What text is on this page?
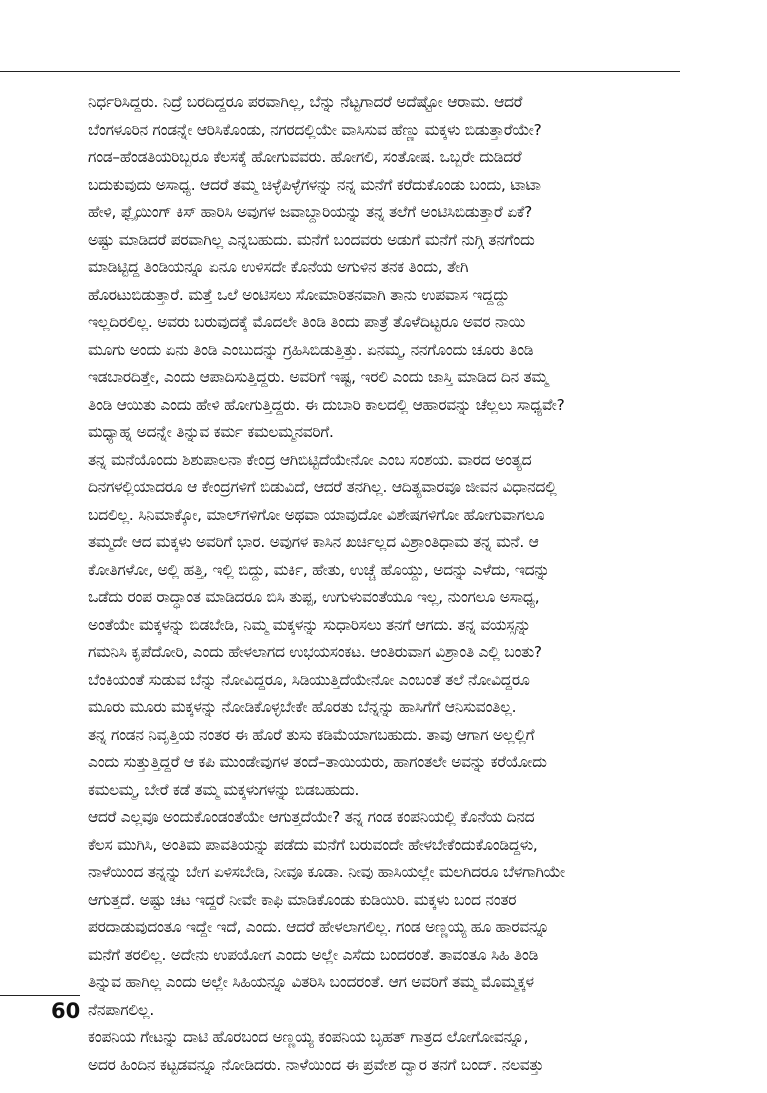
ನಿರ್ಧರಿಸಿದ್ದರು. ನಿದ್ರೆ ಬರದಿದ್ದರೂ ಪರವಾಗಿಲ್ಲ, ಬೆನ್ನು ನೆಟ್ಟಗಾದರೆ ಅದೆಷ್ಟೋ ಆರಾಮ. ಆದರೆ
ಬೆಂಗಳೂರಿನ ಗಂಡನ್ನೇ ಆರಿಸಿಕೊಂಡು, ನಗರದಲ್ಲಿಯೇ ವಾಸಿಸುವ ಹೆಣ್ಣು ಮಕ್ಕಳು ಬಿಡುತ್ತಾರೆಯೇ?
ಗಂಡ–ಹೆಂಡತಿಯರಿಬ್ಬರೂ ಕೆಲಸಕ್ಕೆ ಹೋಗುವವರು. ಹೋಗಲಿ, ಸಂತೋಷ. ಒಬ್ಬರೇ ದುಡಿದರೆ
ಬದುಕುವುದು ಅಸಾಧ್ಯ. ಆದರೆ ತಮ್ಮ ಚಿಳ್ಳೆಪಿಳ್ಳೆಗಳನ್ನು ನನ್ನ ಮನೆಗೆ ಕರೆದುಕೊಂಡು ಬಂದು, ಟಾಟಾ
ಹೇಳಿ, ಫ್ಲೈಯಿಂಗ್ ಕಿಸ್ ಹಾರಿಸಿ ಅವುಗಳ ಜವಾಬ್ದಾರಿಯನ್ನು ತನ್ನ ತಲೆಗೆ ಅಂಟಿಸಿಬಿಡುತ್ತಾರೆ ಏಕೆ?
ಅಷ್ಟು ಮಾಡಿದರೆ ಪರವಾಗಿಲ್ಲ ಎನ್ನಬಹುದು. ಮನೆಗೆ ಬಂದವರು ಅಡುಗೆ ಮನೆಗೆ ನುಗ್ಗಿ ತನಗೆಂದು
ಮಾಡಿಟ್ಟಿದ್ದ ತಿಂಡಿಯನ್ನೂ ಏನೂ ಉಳಿಸದೇ ಕೊನೆಯ ಅಗುಳಿನ ತನಕ ತಿಂದು, ತೇಗಿ
ಹೊರಟುಬಿಡುತ್ತಾರೆ. ಮತ್ತೆ ಒಲೆ ಅಂಟಿಸಲು ಸೋಮಾರಿತನವಾಗಿ ತಾನು ಉಪವಾಸ ಇದ್ದದ್ದು
ಇಲ್ಲದಿರಲಿಲ್ಲ. ಅವರು ಬರುವುದಕ್ಕೆ ಮೊದಲೇ ತಿಂಡಿ ತಿಂದು ಪಾತ್ರೆ ತೊಳೆದಿಟ್ಟರೂ ಅವರ ನಾಯಿ
ಮೂಗು ಅಂದು ಏನು ತಿಂಡಿ ಎಂಬುದನ್ನು ಗ್ರಹಿಸಿಬಿಡುತ್ತಿತ್ತು. ಏನಮ್ಮ, ನನಗೊಂದು ಚೂರು ತಿಂಡಿ
ಇಡಬಾರದಿತ್ತೇ, ಎಂದು ಆಪಾದಿಸುತ್ತಿದ್ದರು. ಅವರಿಗೆ ಇಷ್ಟ, ಇರಲಿ ಎಂದು ಜಾಸ್ತಿ ಮಾಡಿದ ದಿನ ತಮ್ಮ
ತಿಂಡಿ ಆಯಿತು ಎಂದು ಹೇಳಿ ಹೋಗುತ್ತಿದ್ದರು. ಈ ದುಬಾರಿ ಕಾಲದಲ್ಲಿ ಆಹಾರವನ್ನು ಚೆಲ್ಲಲು ಸಾಧ್ಯವೇ?
ಮಧ್ಯಾಹ್ನ ಅದನ್ನೇ ತಿನ್ನುವ ಕರ್ಮ ಕಮಲಮ್ಮನವರಿಗೆ.
ತನ್ನ ಮನೆಯೊಂದು ಶಿಶುಪಾಲನಾ ಕೇಂದ್ರ ಆಗಿಬಿಟ್ಟಿದೆಯೇನೋ ಎಂಬ ಸಂಶಯ. ವಾರದ ಅಂತ್ಯದ
ದಿನಗಳಲ್ಲಿಯಾದರೂ ಆ ಕೇಂದ್ರಗಳಿಗೆ ಬಿಡುವಿದೆ, ಆದರೆ ತನಗಿಲ್ಲ. ಆದಿತ್ಯವಾರವೂ ಜೀವನ ವಿಧಾನದಲ್ಲಿ
ಬದಲಿಲ್ಲ. ಸಿನಿಮಾಕ್ಕೋ, ಮಾಲ್‌ಗಳಿಗೋ ಅಥವಾ ಯಾವುದೋ ವಿಶೇಷಗಳಿಗೋ ಹೋಗುವಾಗಲೂ
ತಮ್ಮದೇ ಆದ ಮಕ್ಕಳು ಅವರಿಗೆ ಭಾರ. ಅವುಗಳ ಕಾಸಿನ ಖರ್ಚಿಲ್ಲದ ವಿಶ್ರಾಂತಿಧಾಮ ತನ್ನ ಮನೆ. ಆ
ಕೋತಿಗಳೋ, ಅಲ್ಲಿ ಹತ್ತಿ, ಇಲ್ಲಿ ಬಿದ್ದು, ಮರ್ಕಿ, ಹೇತು, ಉಚ್ಚೆ ಹೊಯ್ದು, ಅದನ್ನು ಎಳೆದು, ಇದನ್ನು
ಒಡೆದು ರಂಪ ರಾದ್ಧಾಂತ ಮಾಡಿದರೂ ಬಿಸಿ ತುಪ್ಪ, ಉಗುಳುವಂತೆಯೂ ಇಲ್ಲ, ನುಂಗಲೂ ಅಸಾಧ್ಯ,
ಅಂತೆಯೇ ಮಕ್ಕಳನ್ನು ಬಿಡಬೇಡಿ, ನಿಮ್ಮ ಮಕ್ಕಳನ್ನು ಸುಧಾರಿಸಲು ತನಗೆ ಆಗದು. ತನ್ನ ವಯಸ್ಸನ್ನು
ಗಮನಿಸಿ ಕೃಪೆದೋರಿ, ಎಂದು ಹೇಳಲಾಗದ ಉಭಯಸಂಕಟ. ಆಂತಿರುವಾಗ ವಿಶ್ರಾಂತಿ ಎಲ್ಲಿ ಬಂತು?
ಬೆಂಕಿಯಂತೆ ಸುಡುವ ಬೆನ್ನು ನೋವಿದ್ದರೂ, ಸಿಡಿಯುತ್ತಿದೆಯೇನೋ ಎಂಬಂತೆ ತಲೆ ನೋವಿದ್ದರೂ
ಮೂರು ಮೂರು ಮಕ್ಕಳನ್ನು ನೋಡಿಕೊಳ್ಳಬೇಕೇ ಹೊರತು ಬೆನ್ನನ್ನು ಹಾಸಿಗೆಗೆ ಆನಿಸುವಂತಿಲ್ಲ.
ತನ್ನ ಗಂಡನ ನಿವೃತ್ತಿಯ ನಂತರ ಈ ಹೊರೆ ತುಸು ಕಡಿಮೆಯಾಗಬಹುದು. ತಾವು ಆಗಾಗ ಅಲ್ಲಲ್ಲಿಗೆ
ಎಂದು ಸುತ್ತುತ್ತಿದ್ದರೆ ಆ ಕಪಿ ಮುಂಡೇವುಗಳ ತಂದೆ–ತಾಯಿಯರು, ಹಾಗಂತಲೇ ಅವನ್ನು ಕರೆಯೋದು
ಕಮಲಮ್ಮ, ಬೇರೆ ಕಡೆ ತಮ್ಮ ಮಕ್ಕಳುಗಳನ್ನು ಬಿಡಬಹುದು.
ಆದರೆ ಎಲ್ಲವೂ ಅಂದುಕೊಂಡಂತೆಯೇ ಆಗುತ್ತದೆಯೇ? ತನ್ನ ಗಂಡ ಕಂಪನಿಯಲ್ಲಿ ಕೊನೆಯ ದಿನದ
ಕೆಲಸ ಮುಗಿಸಿ, ಅಂತಿಮ ಪಾವತಿಯನ್ನು ಪಡೆದು ಮನೆಗೆ ಬರುವಂದೇ ಹೇಳಬೇಕೆಂದುಕೊಂಡಿದ್ದಳು,
ನಾಳೆಯಿಂದ ತನ್ನನ್ನು ಬೇಗ ಏಳಿಸಬೇಡಿ, ನೀವೂ ಕೂಡಾ. ನೀವು ಹಾಸಿಯಲ್ಲೇ ಮಲಗಿದರೂ ಬೆಳಗಾಗಿಯೇ
ಆಗುತ್ತದೆ. ಅಷ್ಟು ಚಟ ಇದ್ದರೆ ನೀವೇ ಕಾಫಿ ಮಾಡಿಕೊಂಡು ಕುಡಿಯಿರಿ. ಮಕ್ಕಳು ಬಂದ ನಂತರ
ಪರದಾಡುವುದಂತೂ ಇದ್ದೇ ಇದೆ, ಎಂದು. ಆದರೆ ಹೇಳಲಾಗಲಿಲ್ಲ. ಗಂಡ ಅಣ್ಣಯ್ಯ ಹೂ ಹಾರವನ್ನೂ
ಮನೆಗೆ ತರಲಿಲ್ಲ. ಅದೇನು ಉಪಯೋಗ ಎಂದು ಅಲ್ಲೇ ಎಸೆದು ಬಂದರಂತೆ. ತಾವಂತೂ ಸಿಹಿ ತಿಂಡಿ
ತಿನ್ನುವ ಹಾಗಿಲ್ಲ ಎಂದು ಅಲ್ಲೇ ಸಿಹಿಯನ್ನೂ ವಿತರಿಸಿ ಬಂದರಂತೆ. ಆಗ ಅವರಿಗೆ ತಮ್ಮ ಮೊಮ್ಮಕ್ಕಳ
ನೆನಪಾಗಲಿಲ್ಲ.
ಕಂಪನಿಯ ಗೇಟನ್ನು ದಾಟಿ ಹೊರಬಂದ ಅಣ್ಣಯ್ಯ ಕಂಪನಿಯ ಬೃಹತ್ ಗಾತ್ರದ ಲೋಗೋವನ್ನೂ,
ಅದರ ಹಿಂದಿನ ಕಟ್ಟಡವನ್ನೂ ನೋಡಿದರು. ನಾಳೆಯಿಂದ ಈ ಪ್ರವೇಶ ದ್ವಾರ ತನಗೆ ಬಂದ್. ನಲವತ್ತು
60
